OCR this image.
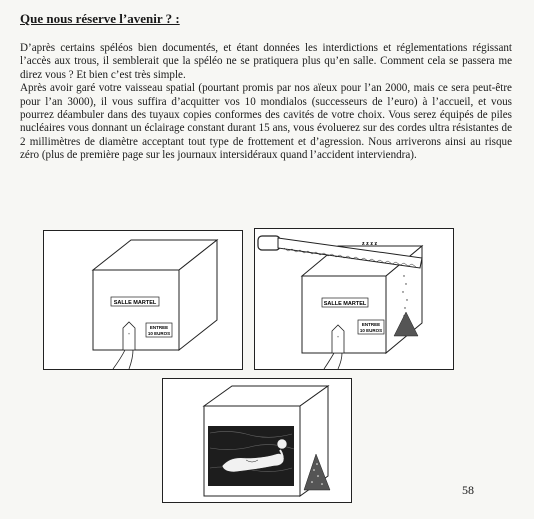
Que nous réserve l’avenir ? :

D’après certains spéléos bien documentés, et étant données les interdictions et réglementations régissant l’accès aux trous, il semblerait que la spéléo ne se pratiquera plus qu’en salle. Comment cela se passera me direz vous ? Et bien c’est très simple.

Après avoir garé votre vaisseau spatial (pourtant promis par nos aïeux pour l’an 2000, mais ce sera peut-être pour l’an 3000), il vous suffira d’acquitter vos 10 mondialos (successeurs de l’euro) à l’accueil, et vous pourrez déambuler dans des tuyaux copies conformes des cavités de votre choix. Vous serez équipés de piles nucléaires vous donnant un éclairage constant durant 15 ans, vous évoluerez sur des cordes ultra résistantes de 2 millimètres de diamètre acceptant tout type de frottement et d’agression. Nous arriverons ainsi au risque zéro (plus de première page sur les journaux intersidéraux quand l’accident interviendra).

SALLE MARTEL
+
ENTREE
10 EUROS
z z z z
SALLE MARTEL
+
ENTREE
10 EUROS
58
